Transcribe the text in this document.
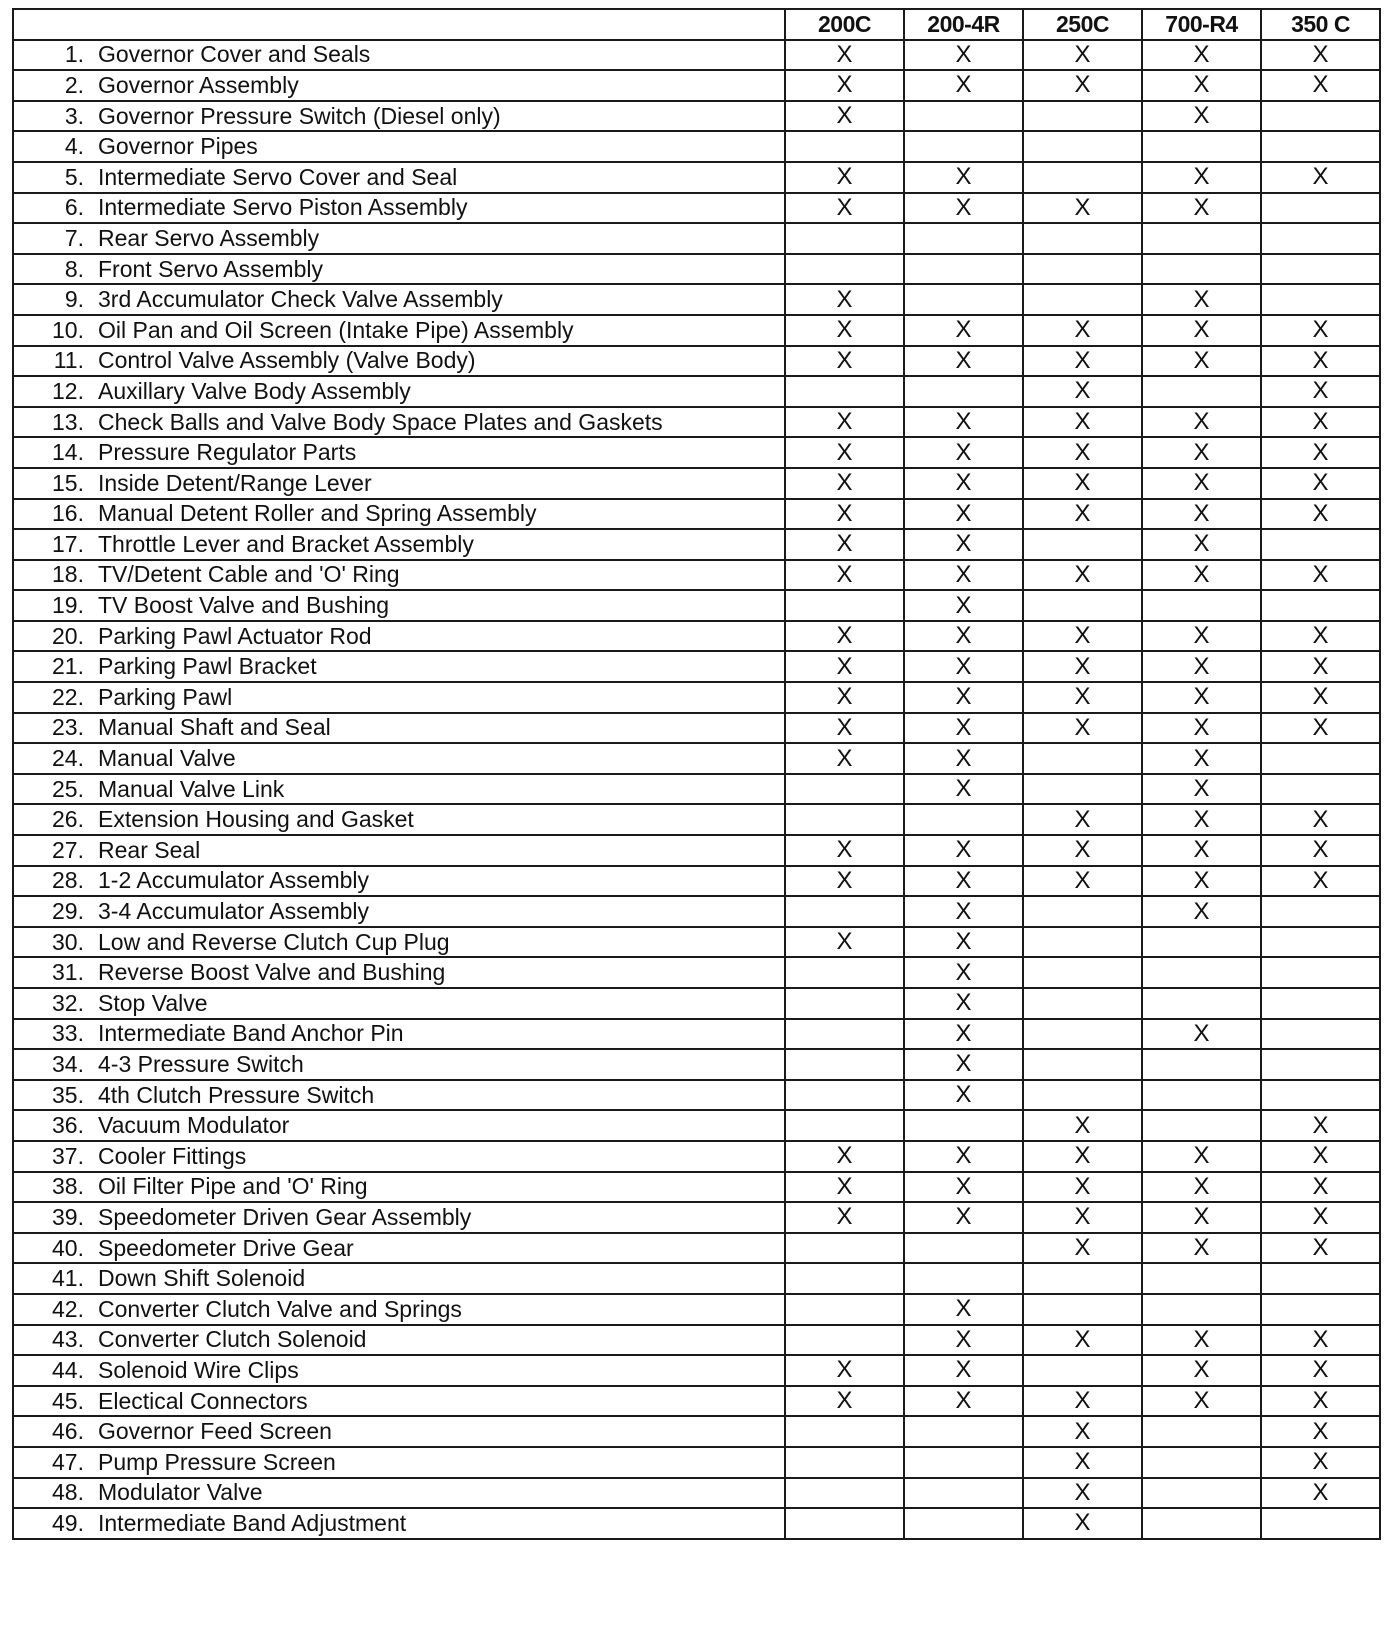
	200C	200-4R	250C	700-R4	350 C
1. Governor Cover and Seals	X	X	X	X	X
2. Governor Assembly	X	X	X	X	X
3. Governor Pressure Switch (Diesel only)	X			X	
4. Governor Pipes					
5. Intermediate Servo Cover and Seal	X	X		X	X
6. Intermediate Servo Piston Assembly	X	X	X	X	
7. Rear Servo Assembly					
8. Front Servo Assembly					
9. 3rd Accumulator Check Valve Assembly	X			X	
10. Oil Pan and Oil Screen (Intake Pipe) Assembly	X	X	X	X	X
11. Control Valve Assembly (Valve Body)	X	X	X	X	X
12. Auxillary Valve Body Assembly			X		X
13. Check Balls and Valve Body Space Plates and Gaskets	X	X	X	X	X
14. Pressure Regulator Parts	X	X	X	X	X
15. Inside Detent/Range Lever	X	X	X	X	X
16. Manual Detent Roller and Spring Assembly	X	X	X	X	X
17. Throttle Lever and Bracket Assembly	X	X		X	
18. TV/Detent Cable and 'O' Ring	X	X	X	X	X
19. TV Boost Valve and Bushing		X			
20. Parking Pawl Actuator Rod	X	X	X	X	X
21. Parking Pawl Bracket	X	X	X	X	X
22. Parking Pawl	X	X	X	X	X
23. Manual Shaft and Seal	X	X	X	X	X
24. Manual Valve	X	X		X	
25. Manual Valve Link		X		X	
26. Extension Housing and Gasket			X	X	X
27. Rear Seal	X	X	X	X	X
28. 1-2 Accumulator Assembly	X	X	X	X	X
29. 3-4 Accumulator Assembly		X		X	
30. Low and Reverse Clutch Cup Plug	X	X			
31. Reverse Boost Valve and Bushing		X			
32. Stop Valve		X			
33. Intermediate Band Anchor Pin		X		X	
34. 4-3 Pressure Switch		X			
35. 4th Clutch Pressure Switch		X			
36. Vacuum Modulator			X		X
37. Cooler Fittings	X	X	X	X	X
38. Oil Filter Pipe and 'O' Ring	X	X	X	X	X
39. Speedometer Driven Gear Assembly	X	X	X	X	X
40. Speedometer Drive Gear			X	X	X
41. Down Shift Solenoid					
42. Converter Clutch Valve and Springs		X			
43. Converter Clutch Solenoid		X	X	X	X
44. Solenoid Wire Clips	X	X		X	X
45. Electical Connectors	X	X	X	X	X
46. Governor Feed Screen			X		X
47. Pump Pressure Screen			X		X
48. Modulator Valve			X		X
49. Intermediate Band Adjustment			X		
